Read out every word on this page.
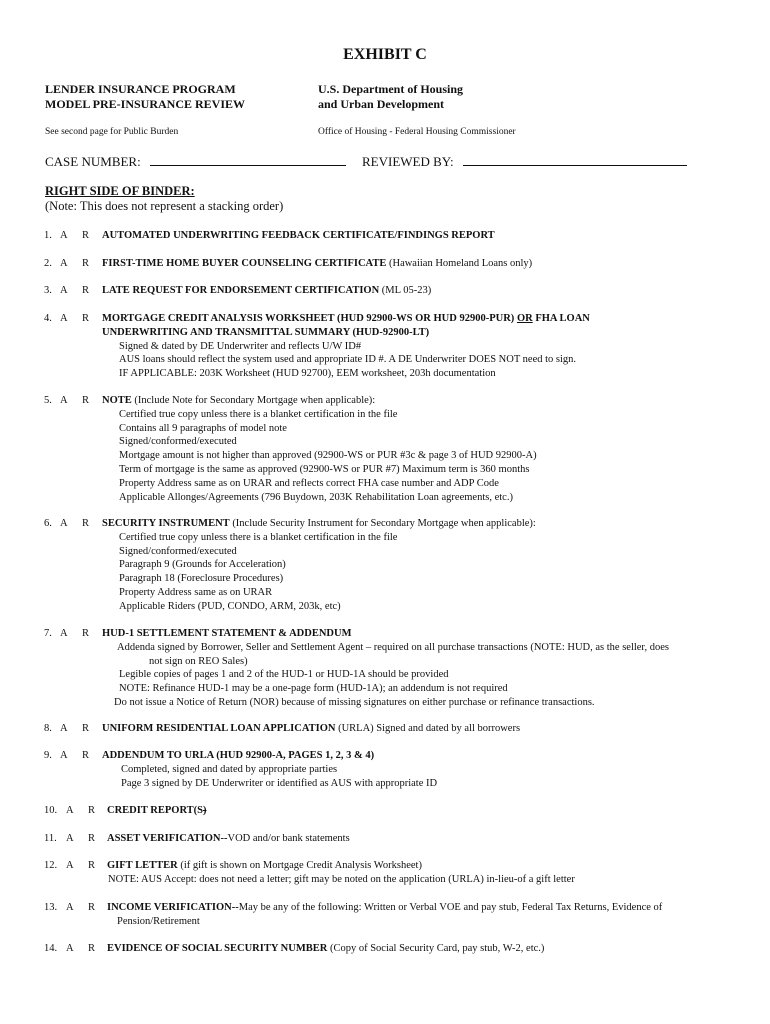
EXHIBIT C
LENDER INSURANCE PROGRAM
MODEL PRE-INSURANCE REVIEW
U.S. Department of Housing
and Urban Development
See second page for Public Burden	Office of Housing - Federal Housing Commissioner
CASE NUMBER:	REVIEWED BY:
RIGHT SIDE OF BINDER:
(Note: This does not represent a stacking order)
1. A R AUTOMATED UNDERWRITING FEEDBACK CERTIFICATE/FINDINGS REPORT
2. A R FIRST-TIME HOME BUYER COUNSELING CERTIFICATE (Hawaiian Homeland Loans only)
3. A R LATE REQUEST FOR ENDORSEMENT CERTIFICATION (ML 05-23)
4. A R MORTGAGE CREDIT ANALYSIS WORKSHEET (HUD 92900-WS OR HUD 92900-PUR) OR FHA LOAN
UNDERWRITING AND TRANSMITTAL SUMMARY (HUD-92900-LT)
Signed & dated by DE Underwriter and reflects U/W ID#
AUS loans should reflect the system used and appropriate ID #. A DE Underwriter DOES NOT need to sign.
IF APPLICABLE: 203K Worksheet (HUD 92700), EEM worksheet, 203h documentation
5. A R NOTE (Include Note for Secondary Mortgage when applicable):
Certified true copy unless there is a blanket certification in the file
Contains all 9 paragraphs of model note
Signed/conformed/executed
Mortgage amount is not higher than approved (92900-WS or PUR #3c & page 3 of HUD 92900-A)
Term of mortgage is the same as approved (92900-WS or PUR #7) Maximum term is 360 months
Property Address same as on URAR and reflects correct FHA case number and ADP Code
Applicable Allonges/Agreements (796 Buydown, 203K Rehabilitation Loan agreements, etc.)
6. A R SECURITY INSTRUMENT (Include Security Instrument for Secondary Mortgage when applicable):
Certified true copy unless there is a blanket certification in the file
Signed/conformed/executed
Paragraph 9 (Grounds for Acceleration)
Paragraph 18 (Foreclosure Procedures)
Property Address same as on URAR
Applicable Riders (PUD, CONDO, ARM, 203k, etc)
7. A R HUD-1 SETTLEMENT STATEMENT & ADDENDUM
Addenda signed by Borrower, Seller and Settlement Agent – required on all purchase transactions (NOTE: HUD, as the seller, does
not sign on REO Sales)
Legible copies of pages 1 and 2 of the HUD-1 or HUD-1A should be provided
NOTE: Refinance HUD-1 may be a one-page form (HUD-1A); an addendum is not required
Do not issue a Notice of Return (NOR) because of missing signatures on either purchase or refinance transactions.
8. A R UNIFORM RESIDENTIAL LOAN APPLICATION (URLA) Signed and dated by all borrowers
9. A R ADDENDUM TO URLA (HUD 92900-A, PAGES 1, 2, 3 & 4)
Completed, signed and dated by appropriate parties
Page 3 signed by DE Underwriter or identified as AUS with appropriate ID
10. A R CREDIT REPORT(S)
11. A R ASSET VERIFICATION--VOD and/or bank statements
12. A R GIFT LETTER (if gift is shown on Mortgage Credit Analysis Worksheet)
NOTE: AUS Accept: does not need a letter; gift may be noted on the application (URLA) in-lieu-of a gift letter
13. A R INCOME VERIFICATION--May be any of the following: Written or Verbal VOE and pay stub, Federal Tax Returns, Evidence of
Pension/Retirement
14. A R EVIDENCE OF SOCIAL SECURITY NUMBER (Copy of Social Security Card, pay stub, W-2, etc.)
